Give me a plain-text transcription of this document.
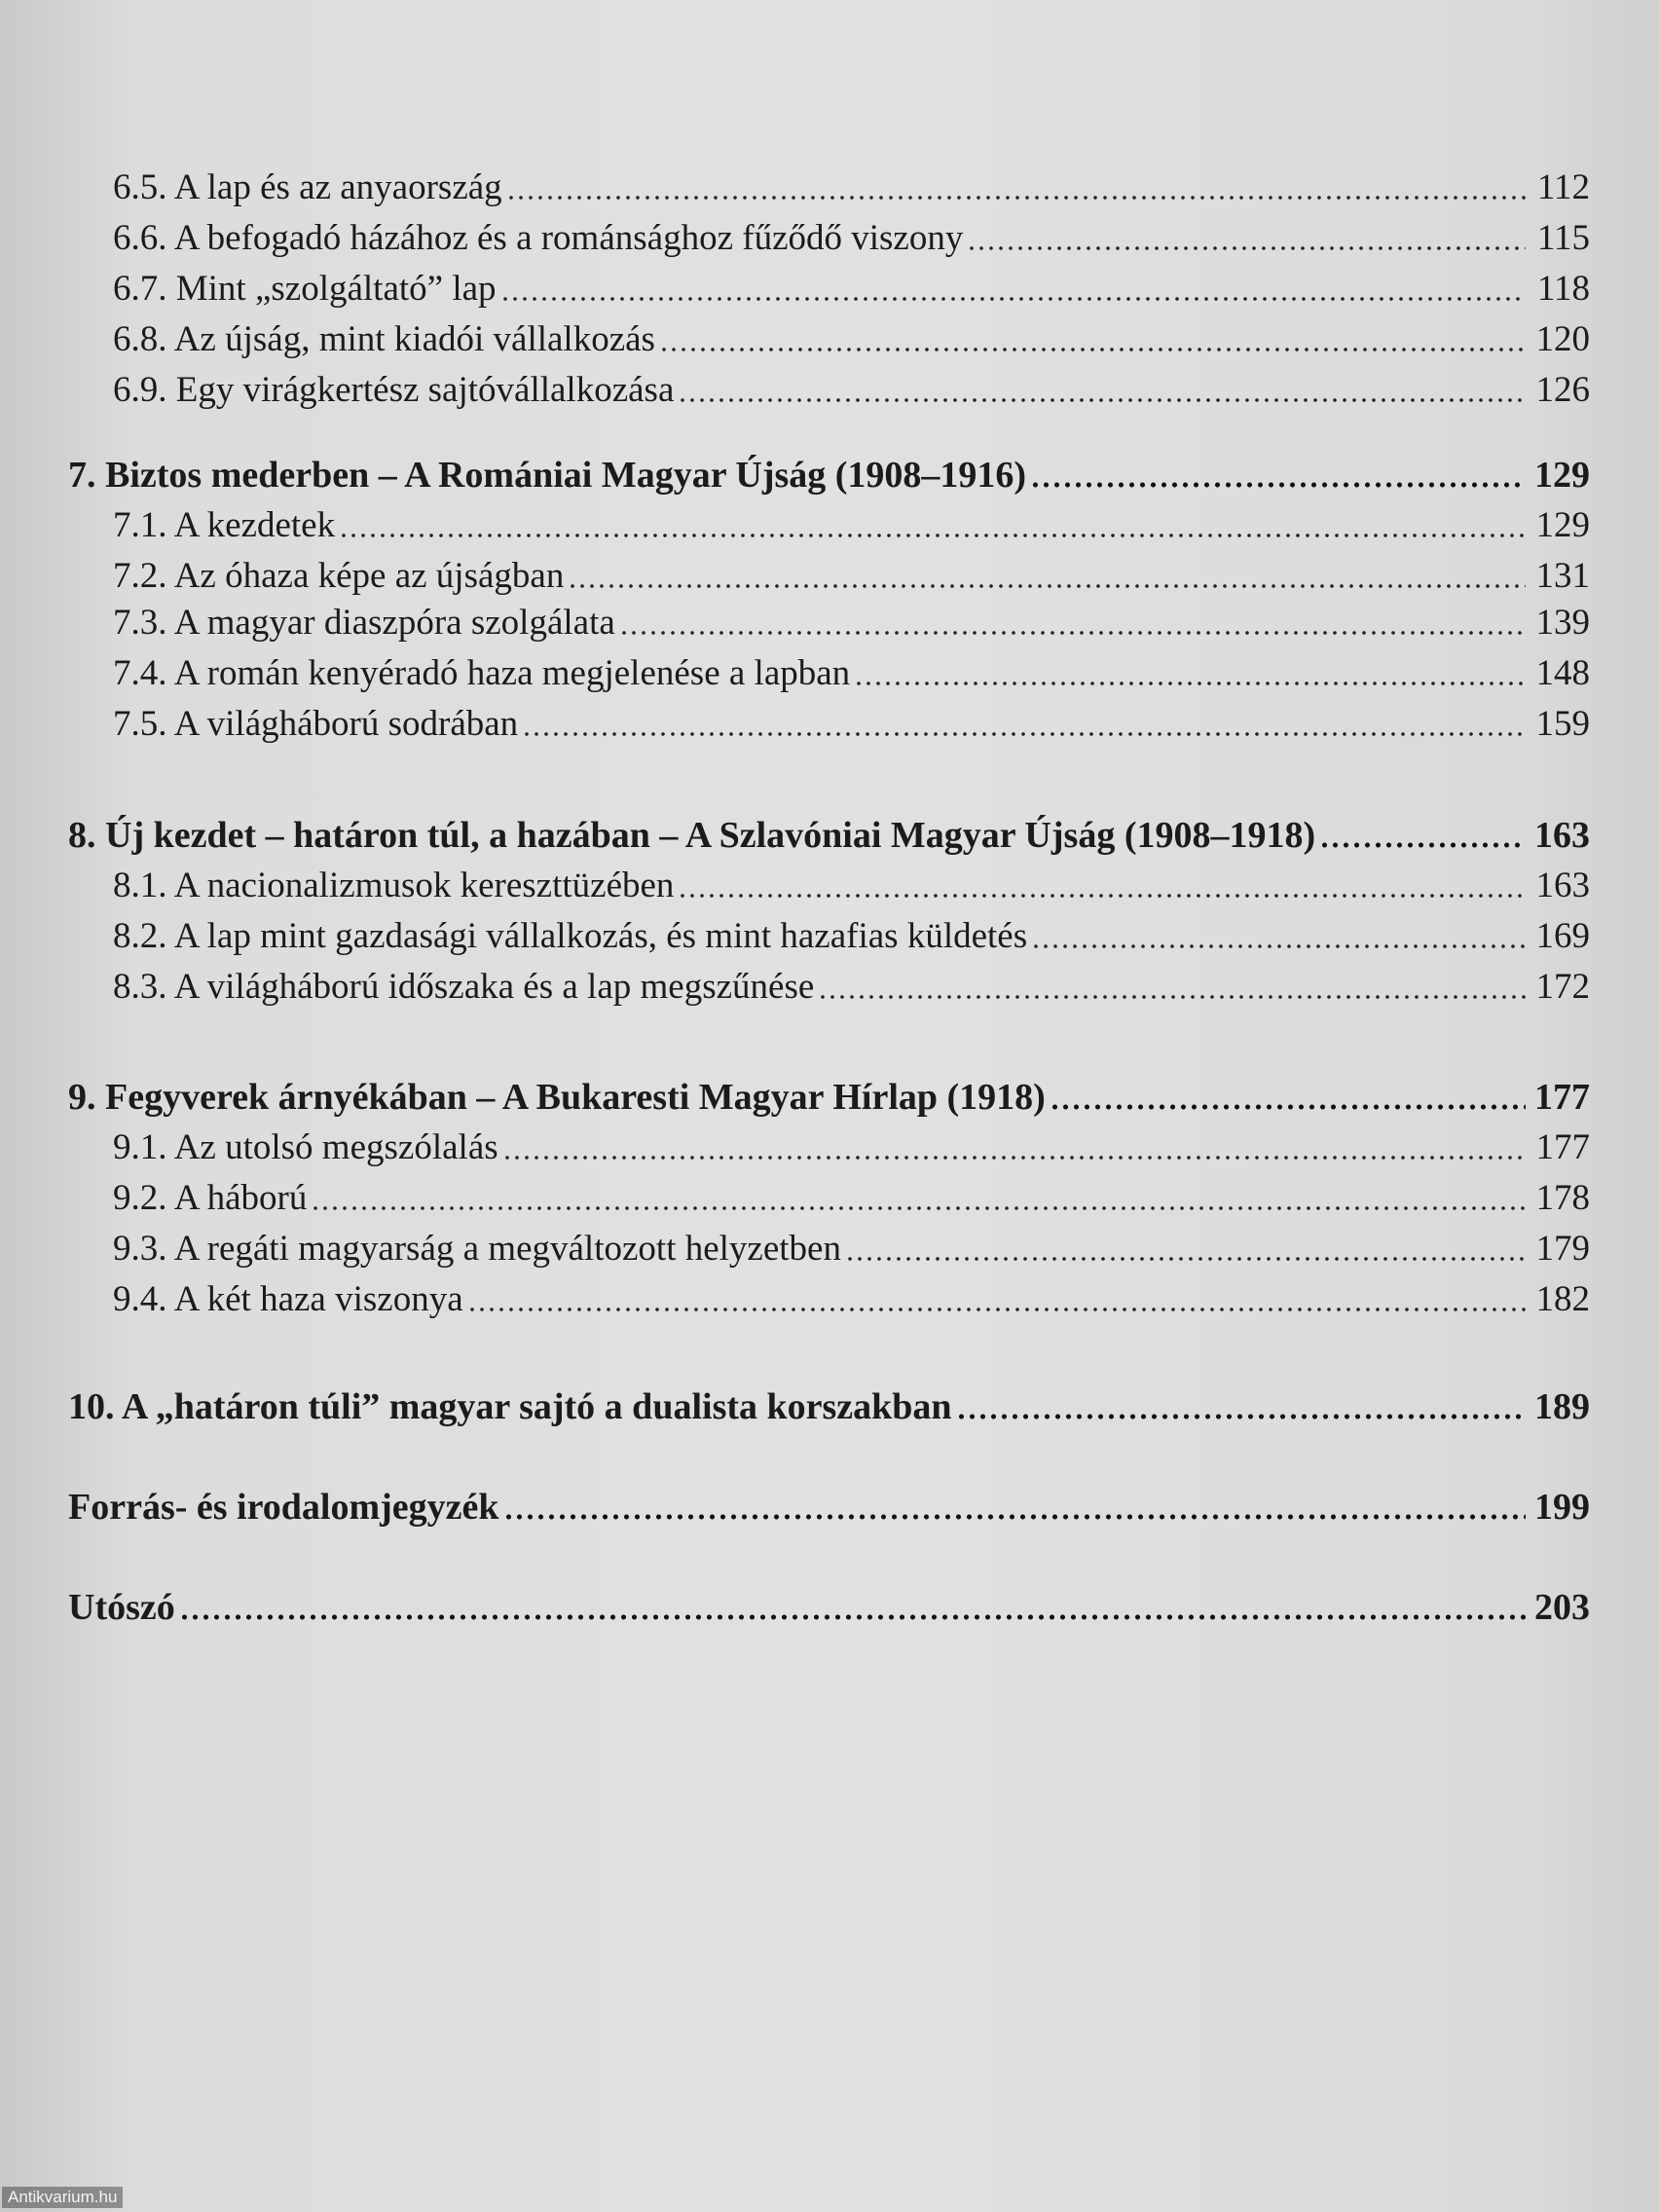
6.5. A lap és az anyaország	112
6.6. A befogadó házához és a románsághoz fűződő viszony	115
6.7. Mint „szolgáltató” lap	118
6.8. Az újság, mint kiadói vállalkozás	120
6.9. Egy virágkertész sajtóvállalkozása	126
7. Biztos mederben – A Romániai Magyar Újság (1908–1916)	129
7.1. A kezdetek	129
7.2. Az óhaza képe az újságban	131
7.3. A magyar diaszpóra szolgálata	139
7.4. A román kenyéradó haza megjelenése a lapban	148
7.5. A világháború sodrában	159
8. Új kezdet – határon túl, a hazában – A Szlavóniai Magyar Újság (1908–1918)	163
8.1. A nacionalizmusok kereszttüzében	163
8.2. A lap mint gazdasági vállalkozás, és mint hazafias küldetés	169
8.3. A világháború időszaka és a lap megszűnése	172
9. Fegyverek árnyékában – A Bukaresti Magyar Hírlap (1918)	177
9.1. Az utolsó megszólalás	177
9.2. A háború	178
9.3. A regáti magyarság a megváltozott helyzetben	179
9.4. A két haza viszonya	182
10. A „határon túli” magyar sajtó a dualista korszakban	189
Forrás- és irodalomjegyzék	199
Utószó	203
Antikvarium.hu
